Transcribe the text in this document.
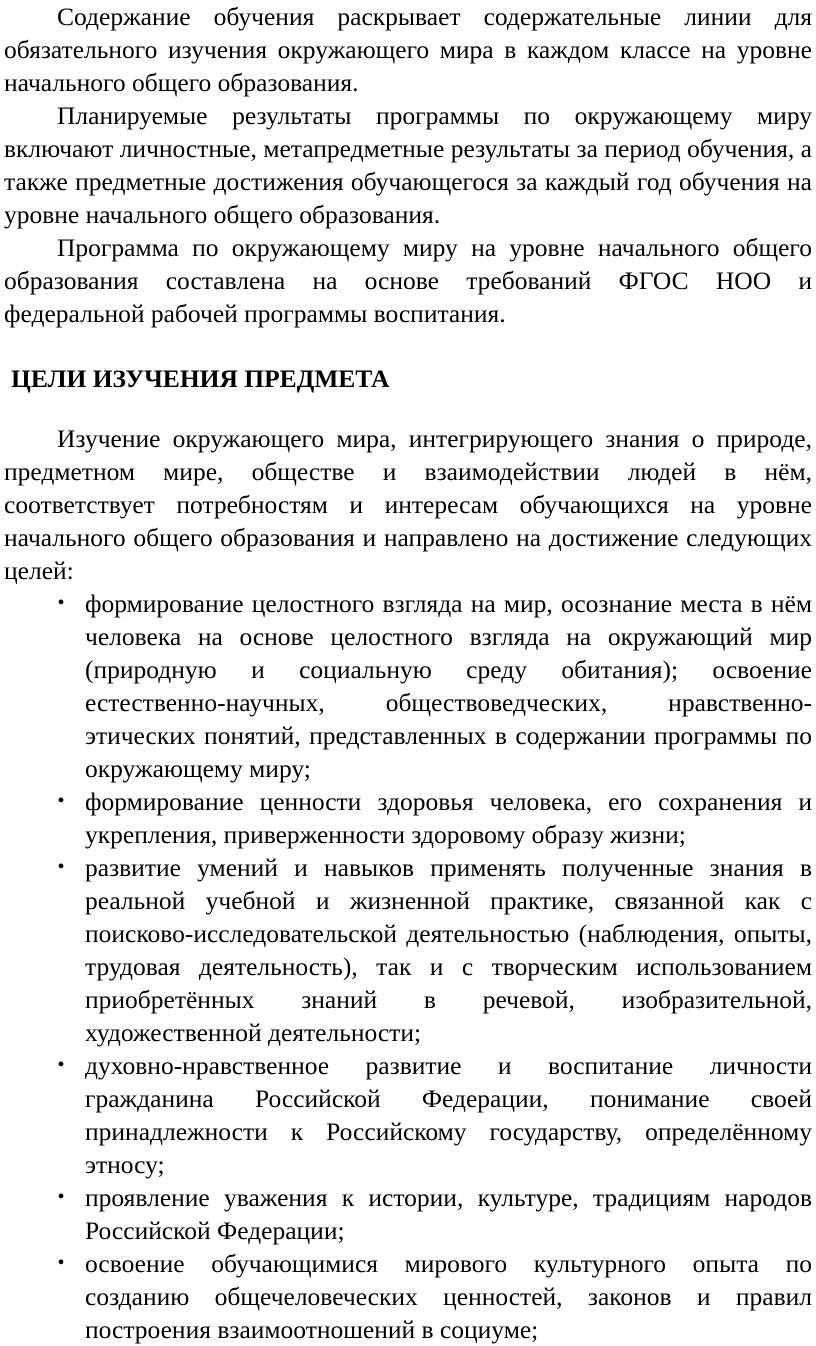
Содержание обучения раскрывает содержательные линии для обязательного изучения окружающего мира в каждом классе на уровне начального общего образования.

Планируемые результаты программы по окружающему миру включают личностные, метапредметные результаты за период обучения, а также предметные достижения обучающегося за каждый год обучения на уровне начального общего образования.

Программа по окружающему миру на уровне начального общего образования составлена на основе требований ФГОС НОО и федеральной рабочей программы воспитания.

ЦЕЛИ ИЗУЧЕНИЯ ПРЕДМЕТА

Изучение окружающего мира, интегрирующего знания о природе, предметном мире, обществе и взаимодействии людей в нём, соответствует потребностям и интересам обучающихся на уровне начального общего образования и направлено на достижение следующих целей:

• формирование целостного взгляда на мир, осознание места в нём человека на основе целостного взгляда на окружающий мир (природную и социальную среду обитания); освоение естественно-научных, обществоведческих, нравственно-этических понятий, представленных в содержании программы по окружающему миру;
• формирование ценности здоровья человека, его сохранения и укрепления, приверженности здоровому образу жизни;
• развитие умений и навыков применять полученные знания в реальной учебной и жизненной практике, связанной как с поисково-исследовательской деятельностью (наблюдения, опыты, трудовая деятельность), так и с творческим использованием приобретённых знаний в речевой, изобразительной, художественной деятельности;
• духовно-нравственное развитие и воспитание личности гражданина Российской Федерации, понимание своей принадлежности к Российскому государству, определённому этносу;
• проявление уважения к истории, культуре, традициям народов Российской Федерации;
• освоение обучающимися мирового культурного опыта по созданию общечеловеческих ценностей, законов и правил построения взаимоотношений в социуме;
